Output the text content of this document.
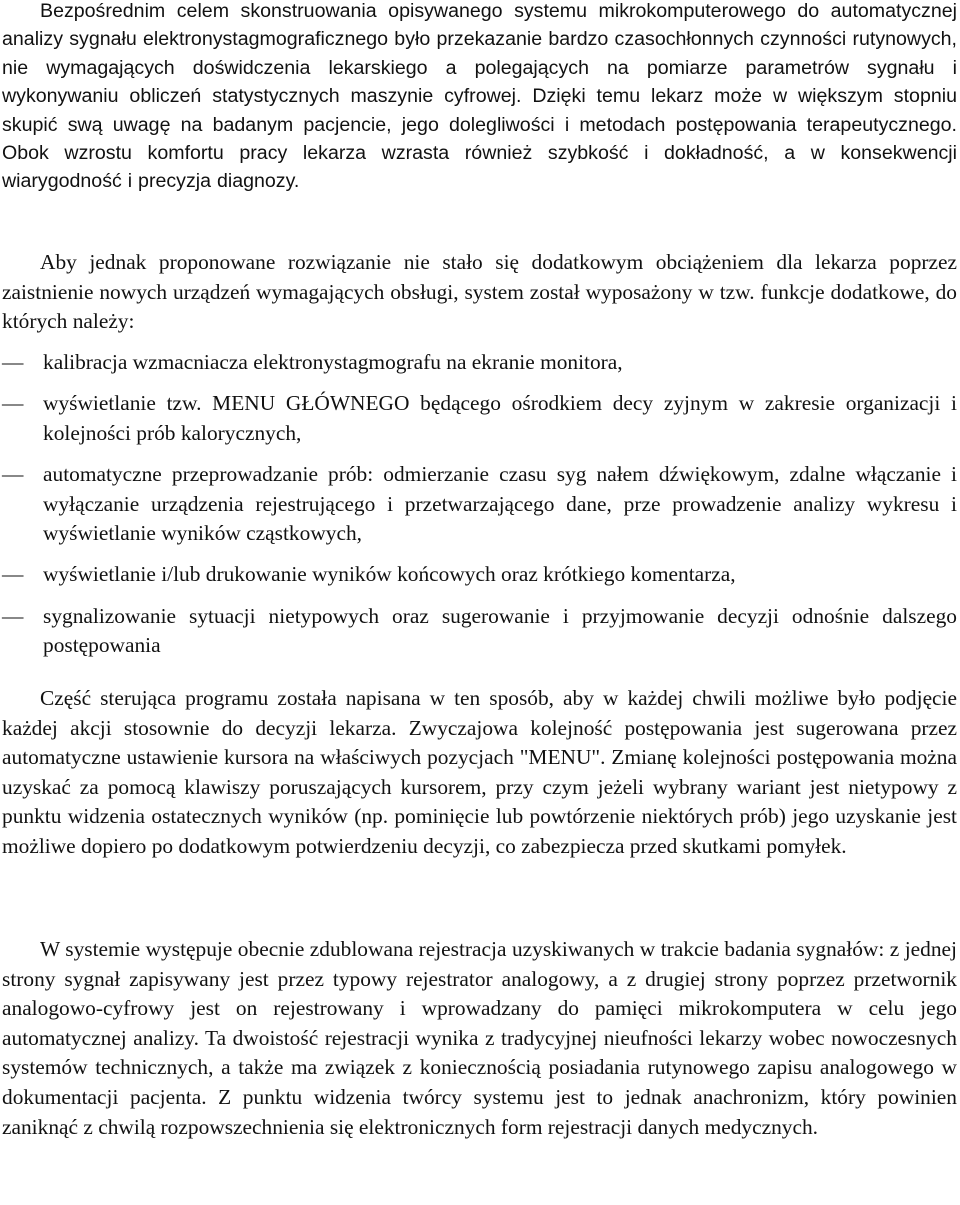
Bezpośrednim celem skonstruowania opisywanego systemu mikrokomputerowego do automatycznej analizy sygnału elektronystagmograficznego było przekazanie bardzo czasochłonnych czynności rutynowych, nie wymagających doświdczenia lekarskiego a polegających na pomiarze parametrów sygnału i wykonywaniu obliczeń statystycznych maszynie cyfrowej. Dzięki temu lekarz może w większym stopniu skupić swą uwagę na badanym pacjencie, jego dolegliwości i metodach postępowania terapeutycznego. Obok wzrostu komfortu pracy lekarza wzrasta również szybkość i dokładność, a w konsekwencji wiarygodność i precyzja diagnozy.

Aby jednak proponowane rozwiązanie nie stało się dodatkowym obciążeniem dla lekarza poprzez zaistnienie nowych urządzeń wymagających obsługi, system został wyposażony w tzw. funkcje dodatkowe, do których należy:

— kalibracja wzmacniacza elektronystagmografu na ekranie monitora,
— wyświetlanie tzw. MENU GŁÓWNEGO będącego ośrodkiem decy zyjnym w zakresie organizacji i kolejności prób kalorycznych,
— automatyczne przeprowadzanie prób: odmierzanie czasu syg nałem dźwiękowym, zdalne włączanie i wyłączanie urządzenia rejestrującego i przetwarzającego dane, prze prowadzenie analizy wykresu i wyświetlanie wyników cząstkowych,
— wyświetlanie i/lub drukowanie wyników końcowych oraz krótkiego komentarza,
— sygnalizowanie sytuacji nietypowych oraz sugerowanie i przyjmowanie decyzji odnośnie dalszego postępowania

Część sterująca programu została napisana w ten sposób, aby w każdej chwili możliwe było podjęcie każdej akcji stosownie do decyzji lekarza. Zwyczajowa kolejność postępowania jest sugerowana przez automatyczne ustawienie kursora na właściwych pozycjach "MENU". Zmianę kolejności postępowania można uzyskać za pomocą klawiszy poruszających kursorem, przy czym jeżeli wybrany wariant jest nietypowy z punktu widzenia ostatecznych wyników (np. pominięcie lub powtórzenie niektórych prób) jego uzyskanie jest możliwe dopiero po dodatkowym potwierdzeniu decyzji, co zabezpiecza przed skutkami pomyłek.

W systemie występuje obecnie zdublowana rejestracja uzyskiwanych w trakcie badania sygnałów: z jednej strony sygnał zapisywany jest przez typowy rejestrator analogowy, a z drugiej strony poprzez przetwornik analogowo-cyfrowy jest on rejestrowany i wprowadzany do pamięci mikrokomputera w celu jego automatycznej analizy. Ta dwoistość rejestracji wynika z tradycyjnej nieufności lekarzy wobec nowoczesnych systemów technicznych, a także ma związek z koniecznością posiadania rutynowego zapisu analogowego w dokumentacji pacjenta. Z punktu widzenia twórcy systemu jest to jednak anachronizm, który powinien zaniknąć z chwilą rozpowszechnienia się elektronicznych form rejestracji danych medycznych.
